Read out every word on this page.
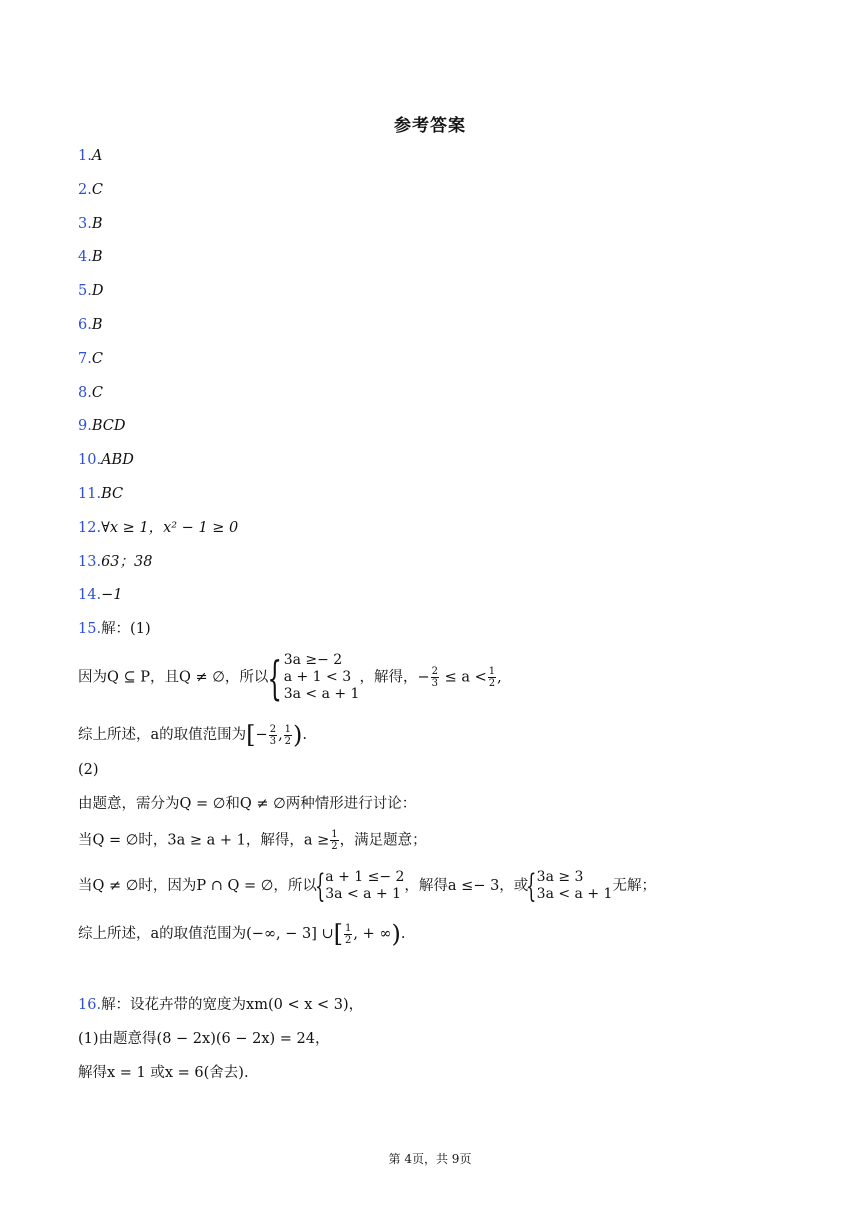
参考答案
1.A
2.C
3.B
4.B
5.D
6.B
7.C
8.C
9.BCD
10.ABD
11.BC
12.∀x ≥ 1，x² − 1 ≥ 0
13.63；38
14.−1
15.解：(1)
因为Q ⊆ P，且Q ≠ ∅，所以 { 3a ≥− 2
a + 1 < 3
3a < a + 1
，解得，− $\frac{2}{3} \le a < \frac{1}{2}$ ,
综上所述，a的取值范围为[− $\frac{2}{3}$ , $\frac{1}{2}$ ).
(2)
由题意，需分为Q = ∅和Q ≠ ∅两种情形进行讨论：
当Q = ∅时，3a ≥ a + 1，解得，$a \ge \frac{1}{2}$ ，满足题意；
当Q ≠ ∅时，因为P ∩ Q = ∅，所以
{ a + 1 ≤− 2
3a < a + 1 ，解得a ≤− 3，或
{ 3a ≥ 3
3a < a + 1 无解；
综上所述，a的取值范围为(−∞, − 3] ∪[ $\frac{1}{2}$ , + ∞).
16.解：设花卉带的宽度为xm(0 < x < 3)，
(1)由题意得(8 − 2x)(6 − 2x) = 24，
解得x = 1 或x = 6(舍去).
第 4页，共 9页
